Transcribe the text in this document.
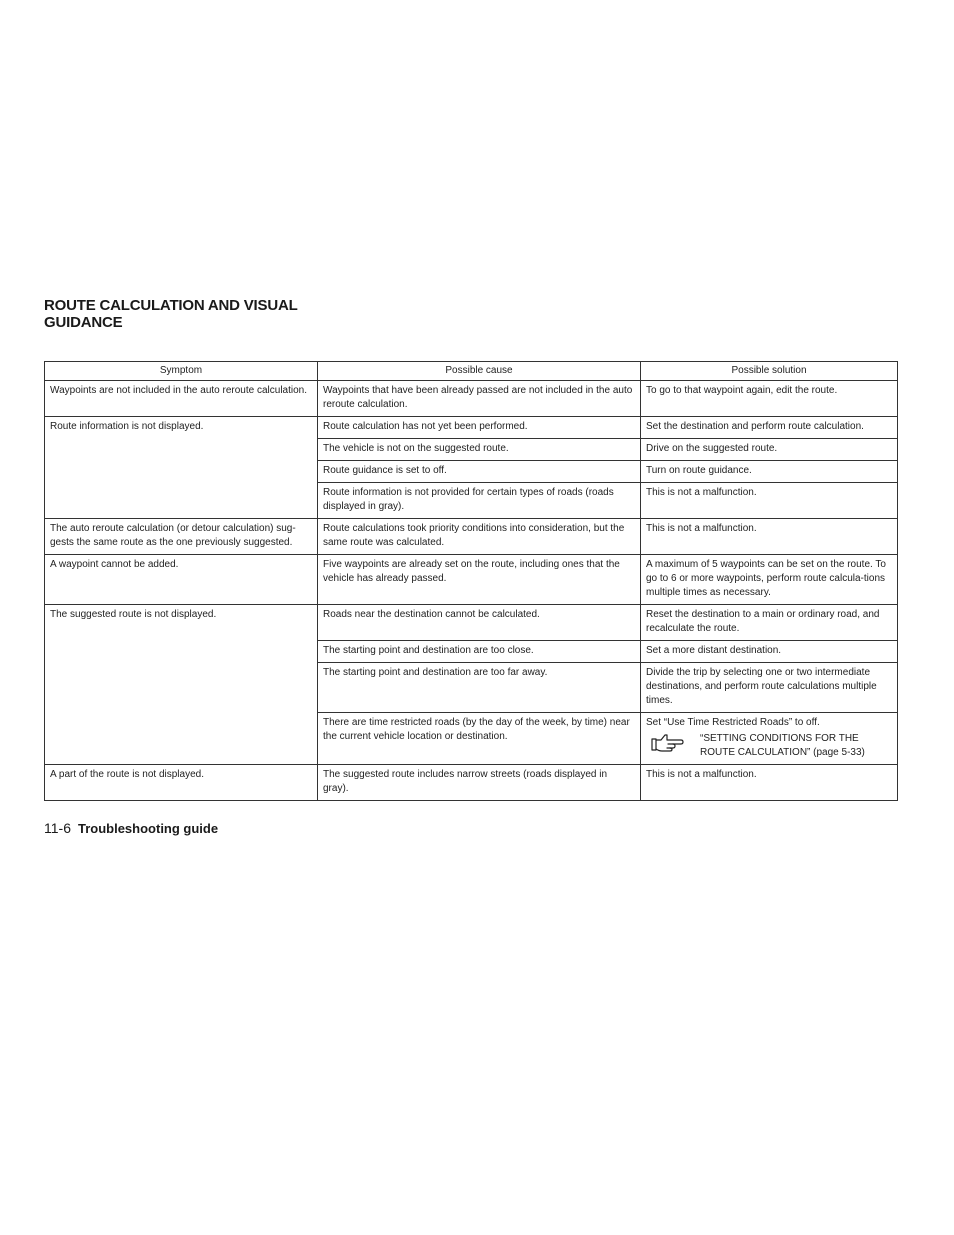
ROUTE CALCULATION AND VISUAL GUIDANCE
Symptom	Possible cause	Possible solution
Waypoints are not included in the auto reroute calculation.	Waypoints that have been already passed are not included in the auto reroute calculation.	To go to that waypoint again, edit the route.
Route information is not displayed.	Route calculation has not yet been performed.	Set the destination and perform route calculation.
	The vehicle is not on the suggested route.	Drive on the suggested route.
	Route guidance is set to off.	Turn on route guidance.
	Route information is not provided for certain types of roads (roads displayed in gray).	This is not a malfunction.
The auto reroute calculation (or detour calculation) sug-gests the same route as the one previously suggested.	Route calculations took priority conditions into consideration, but the same route was calculated.	This is not a malfunction.
A waypoint cannot be added.	Five waypoints are already set on the route, including ones that the vehicle has already passed.	A maximum of 5 waypoints can be set on the route. To go to 6 or more waypoints, perform route calcula-tions multiple times as necessary.
The suggested route is not displayed.	Roads near the destination cannot be calculated.	Reset the destination to a main or ordinary road, and recalculate the route.
	The starting point and destination are too close.	Set a more distant destination.
	The starting point and destination are too far away.	Divide the trip by selecting one or two intermediate destinations, and perform route calculations multiple times.
	There are time restricted roads (by the day of the week, by time) near the current vehicle location or destination.	Set “Use Time Restricted Roads” to off.
“SETTING CONDITIONS FOR THE ROUTE CALCULATION” (page 5-33)

A part of the route is not displayed.	The suggested route includes narrow streets (roads displayed in gray).	This is not a malfunction.
11-6 Troubleshooting guide
